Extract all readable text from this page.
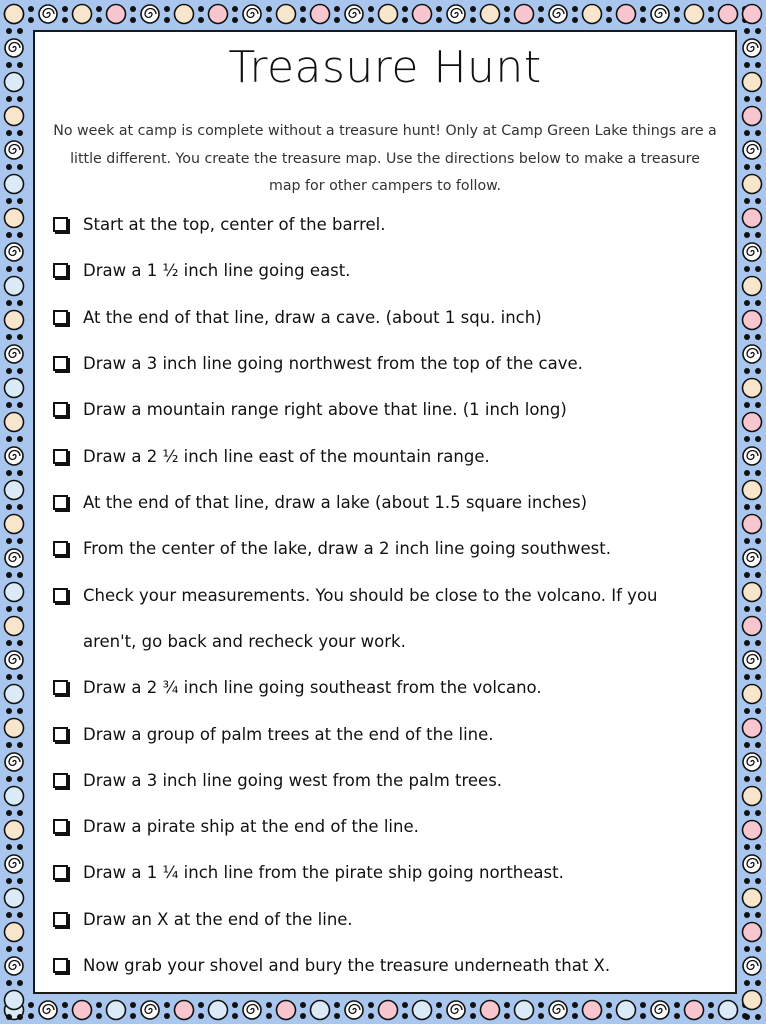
Treasure Hunt

No week at camp is complete without a treasure hunt! Only at Camp Green Lake things are a little different. You create the treasure map. Use the directions below to make a treasure map for other campers to follow.

Start at the top, center of the barrel.
Draw a 1 ½ inch line going east.
At the end of that line, draw a cave. (about 1 squ. inch)
Draw a 3 inch line going northwest from the top of the cave.
Draw a mountain range right above that line. (1 inch long)
Draw a 2 ½ inch line east of the mountain range.
At the end of that line, draw a lake (about 1.5 square inches)
From the center of the lake, draw a 2 inch line going southwest.
Check your measurements. You should be close to the volcano. If you aren't, go back and recheck your work.
Draw a 2 ¾ inch line going southeast from the volcano.
Draw a group of palm trees at the end of the line.
Draw a 3 inch line going west from the palm trees.
Draw a pirate ship at the end of the line.
Draw a 1 ¼ inch line from the pirate ship going northeast.
Draw an X at the end of the line.
Now grab your shovel and bury the treasure underneath that X.
